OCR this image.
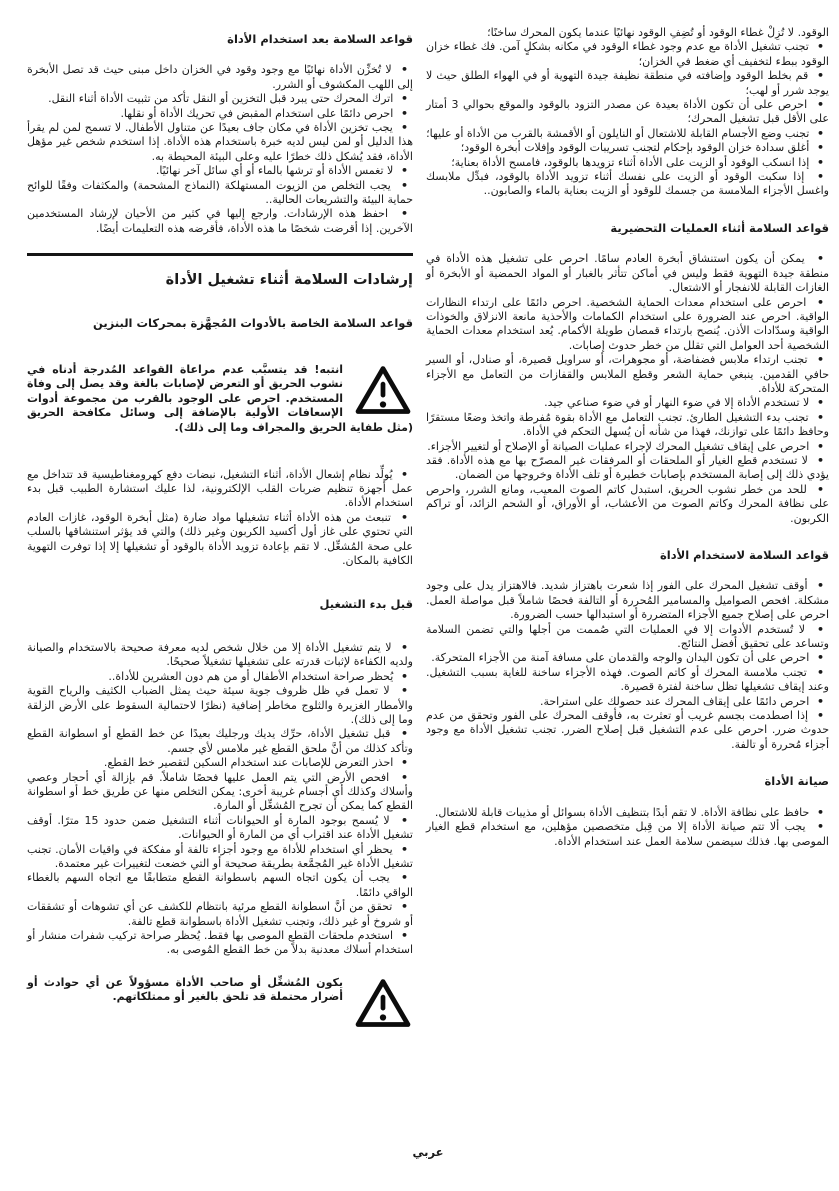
الوقود. لا تُزِلْ غطاء الوقود أو تُضِفِ الوقود نهائيًا عندما يكون المحرك ساخنًا؛

•  تجنب تشغيل الأداة مع عدم وجود غطاء الوقود في مكانه بشكلٍ آمن. فك غطاء خزان الوقود ببطء لتخفيف أي ضغط في الخزان؛

•  قم بخلط الوقود وإضافته في منطقة نظيفة جيدة التهوية أو في الهواء الطلق حيث لا يوجد شرر أو لهب؛

•  احرص على أن تكون الأداة بعيدة عن مصدر التزود بالوقود والموقع بحوالي 3 أمتار على الأقل قبل تشغيل المحرك؛

•  تجنب وضع الأجسام القابلة للاشتعال أو النايلون أو الأقمشة بالقرب من الأداة أو عليها؛

•  أغلق سدادة خزان الوقود بإحكام لتجنب تسريبات الوقود وإفلات أبخرة الوقود؛

•  إذا انسكب الوقود أو الزيت على الأداة أثناء تزويدها بالوقود، فامسح الأداة بعناية؛

•  إذا سكبت الوقود أو الزيت على نفسك أثناء تزويد الأداة بالوقود، فبدِّل ملابسك واغسل الأجزاء الملامسة من جسمك للوقود أو الزيت بعناية بالماء والصابون..

قواعد السلامة أثناء العمليات التحضيرية

•  يمكن أن يكون استنشاق أبخرة العادم سامًا. احرص على تشغيل هذه الأداة في منطقة جيدة التهوية فقط وليس في أماكن تتأثر بالغبار أو المواد الحمضية أو الأبخرة أو الغازات القابلة للانفجار أو الاشتعال.

•  احرص على استخدام معدات الحماية الشخصية. احرص دائمًا على ارتداء النظارات الواقية. احرص عند الضرورة على استخدام الكمامات والأحذية مانعة الانزلاق والخوذات الواقية وسدّادات الأذن. يُنصح بارتداء قمصان طويلة الأكمام. يُعد استخدام معدات الحماية الشخصية أحد العوامل التي تقلل من خطر حدوث إصابات.

•  تجنب ارتداء ملابس فضفاضة، أو مجوهرات، أو سراويل قصيرة، أو صنادل، أو السير حافي القدمين. ينبغي حماية الشعر وقطع الملابس والقفازات من التعامل مع الأجزاء المتحركة للأداة.

•  لا تستخدم الأداة إلا في ضوء النهار أو في ضوء صناعي جيد.

•  تجنب بدء التشغيل الطارئ. تجنب التعامل مع الأداة بقوة مُفرطة واتخذ وضعًا مستقرًا وحافظ دائمًا على توازنك، فهذا من شأنه أن يُسهل التحكم في الأداة.

•  احرص على إيقاف تشغيل المحرك لإجراء عمليات الصيانة أو الإصلاح أو لتغيير الأجزاء.

•  لا تستخدم قطع الغيار أو الملحقات أو المرفقات غير المصرّح بها مع هذه الأداة. فقد يؤدي ذلك إلى إصابة المستخدم بإصابات خطيرة أو تلف الأداة وخروجها من الضمان.

•  للحد من خطر نشوب الحريق، استبدل كاتم الصوت المعيب، ومانع الشرر، واحرص على نظافة المحرك وكاتم الصوت من الأعشاب، أو الأوراق، أو الشحم الزائد، أو تراكم الكربون.

قواعد السلامة لاستخدام الأداة

•  أوقف تشغيل المحرك على الفور إذا شعرت باهتزاز شديد. فالاهتزاز يدل على وجود مشكلة. افحص الصواميل والمسامير المُحررة أو التالفة فحصًا شاملاً قبل مواصلة العمل. احرص على إصلاح جميع الأجزاء المتضررة أو استبدالها حسب الضرورة.

•  لا تُستخدم الأدوات إلا في العمليات التي صُممت من أجلها والتي تضمن السلامة وتساعد على تحقيق أفضل النتائج.

•  احرص على أن تكون اليدان والوجه والقدمان على مسافة آمنة من الأجزاء المتحركة.

•  تجنب ملامسة المحرك أو كاتم الصوت. فهذه الأجزاء ساخنة للغاية بسبب التشغيل. وعند إيقاف تشغيلها تظل ساخنة لفترة قصيرة.

•  احرص دائمًا على إيقاف المحرك عند حصولك على استراحة.

•  إذا اصطدمت بجسم غريب أو تعثرت به، فأوقف المحرك على الفور وتحقق من عدم حدوث ضرر. احرص على عدم التشغيل قبل إصلاح الضرر. تجنب تشغيل الأداة مع وجود أجزاء مُحررة أو تالفة.

صيانة الأداة

•  حافظ على نظافة الأداة. لا تقم أبدًا بتنظيف الأداة بسوائل أو مذيبات قابلة للاشتعال.

•  يجب ألا تتم صيانة الأداة إلا من قِبل متخصصين مؤهلين، مع استخدام قطع الغيار الموصى بها. فذلك سيضمن سلامة العمل عند استخدام الأداة.

قواعد السلامة بعد استخدام الأداة

•  لا تُخزِّن الأداة نهائيًا مع وجود وقود في الخزان داخل مبنى حيث قد تصل الأبخرة إلى اللهب المكشوف أو الشرر.

•  اترك المحرك حتى يبرد قبل التخزين أو النقل تأكد من تثبيت الأداة أثناء النقل.

•  احرص دائمًا على استخدام المقبض في تحريك الأداة أو نقلها.

•  يجب تخزين الأداة في مكان جاف بعيدًا عن متناول الأطفال. لا تسمح لمن لم يقرأ هذا الدليل أو لمن ليس لديه خبرة باستخدام هذه الأداة. إذا استخدم شخص غير مؤهل الأداة، فقد يُشكل ذلك خطرًا عليه وعلى البيئة المحيطة به.

•  لا تغمس الأداة أو ترشها بالماء أو أي سائل آخر نهائيًا.

•  يجب التخلص من الزيوت المستهلكة (النماذج المشحمة) والمكثفات وفقًا للوائح حماية البيئة والتشريعات الحالية..

•  احفظ هذه الإرشادات. وارجع إليها في كثير من الأحيان لإرشاد المستخدمين الآخرين. إذا أقرضت شخصًا ما هذه الأداة، فأقرضه هذه التعليمات أيضًا.

إرشادات السلامة أثناء تشغيل الأداة
قواعد السلامة الخاصة بالأدوات المُجهَّزة بمحركات البنزين

انتبه! قد يتسبَّب عدم مراعاة القواعد المُدرجة أدناه في نشوب الحريق أو التعرض لإصابات بالغة وقد يصل إلى وفاة المستخدم. احرص على الوجود بالقرب من مجموعة أدوات الإسعافات الأولية بالإضافة إلى وسائل مكافحة الحريق (مثل طفاية الحريق والمجراف وما إلى ذلك).

•  يُولِّد نظام إشعال الأداة، أثناء التشغيل، نبضات دفع كهرومغناطيسية قد تتداخل مع عمل أجهزة تنظيم ضربات القلب الإلكترونية، لذا عليك استشارة الطبيب قبل بدء استخدام الأداة.

•  تنبعث من هذه الأداة أثناء تشغيلها مواد ضارة (مثل أبخرة الوقود، غازات العادم التي تحتوي على غاز أول أكسيد الكربون وغير ذلك) والتي قد يؤثر استنشاقها بالسلب على صحة المُشغِّل. لا تقم بإعادة تزويد الأداة بالوقود أو تشغيلها إلا إذا توفرت التهوية الكافية بالمكان.

قبل بدء التشغيل

•  لا يتم تشغيل الأداة إلا من خلال شخص لديه معرفة صحيحة بالاستخدام والصيانة ولديه الكفاءة لإثبات قدرته على تشغيلها تشغيلاً صحيحًا.

•  يُحظر صراحة استخدام الأطفال أو من هم دون العشرين للأداة..

•  لا تعمل في ظل ظروف جوية سيئة حيث يمثل الضباب الكثيف والرياح القوية والأمطار الغزيرة والثلوج مخاطر إضافية (نظرًا لاحتمالية السقوط على الأرض الزلقة وما إلى ذلك).

•  قبل تشغيل الأداة، حرِّك يديك ورجليك بعيدًا عن خط القطع أو اسطوانة القطع وتأكد كذلك من أنَّ ملحق القطع غير ملامس لأي جسم.

•  احذر التعرض للإصابات عند استخدام السكين لتقصير خط القطع.

•  افحص الأرض التي يتم العمل عليها فحصًا شاملاً. قم بإزالة أي أحجار وعصي وأسلاك وكذلك أي أجسام غريبة أخرى: يمكن التخلص منها عن طريق خط أو اسطوانة القطع كما يمكن أن تجرح المُشغِّل أو المارة.

•  لا يُسمح بوجود المارة أو الحيوانات أثناء التشغيل ضمن حدود 15 مترًا. أوقف تشغيل الأداة عند اقتراب أي من المارة أو الحيوانات.

•  يحظر أي استخدام للأداة مع وجود أجزاء تالفة أو مفككة في واقيات الأمان. تجنب تشغيل الأداة غير المُجمَّعة بطريقة صحيحة أو التي خضعت لتغييرات غير معتمدة.

•  يجب أن يكون اتجاه السهم باسطوانة القطع متطابقًا مع اتجاه السهم بالغطاء الواقي دائمًا.

•  تحقق من أنَّ اسطوانة القطع مرئية بانتظام للكشف عن أي تشوهات أو تشققات أو شروخ أو غير ذلك، وتجنب تشغيل الأداة باسطوانة قطع تالفة.

•  استخدم ملحقات القطع الموصى بها فقط. يُحظر صراحة تركيب شفرات منشار أو استخدام أسلاك معدنية بدلاً من خط القطع المُوصى به.

يكون المُشغِّل أو صاحب الأداة مسؤولاً عن أي حوادث أو أضرار محتملة قد تلحق بالغير أو ممتلكاتهم.

عربي
